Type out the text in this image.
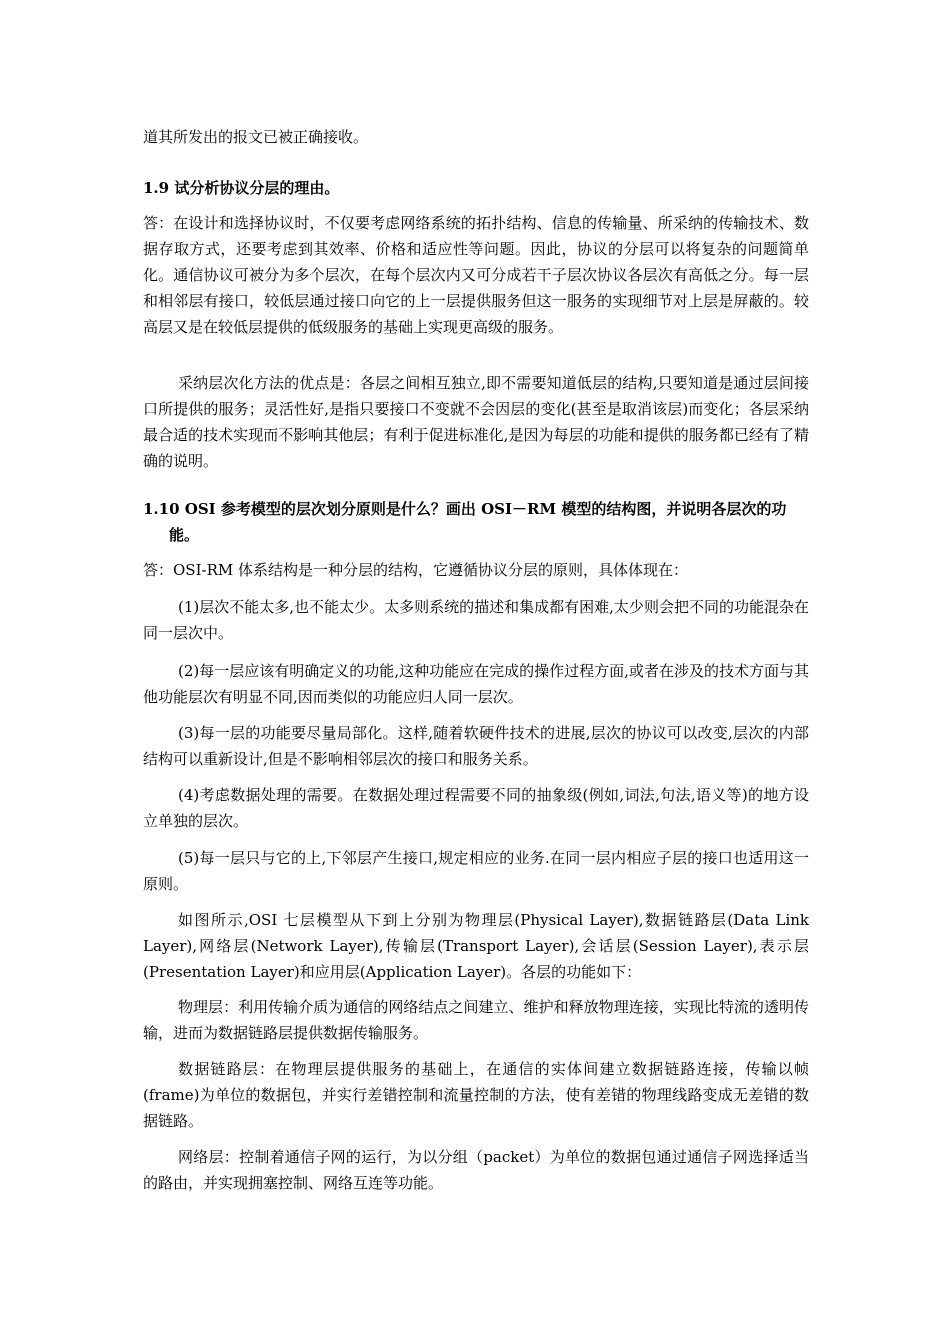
道其所发出的报文已被正确接收。

1.9 试分析协议分层的理由。

答：在设计和选择协议时，不仅要考虑网络系统的拓扑结构、信息的传输量、所采纳的传输技术、数据存取方式，还要考虑到其效率、价格和适应性等问题。因此，协议的分层可以将复杂的问题简单化。通信协议可被分为多个层次，在每个层次内又可分成若干子层次协议各层次有高低之分。每一层和相邻层有接口，较低层通过接口向它的上一层提供服务但这一服务的实现细节对上层是屏蔽的。较高层又是在较低层提供的低级服务的基础上实现更高级的服务。

采纳层次化方法的优点是：各层之间相互独立,即不需要知道低层的结构,只要知道是通过层间接口所提供的服务；灵活性好,是指只要接口不变就不会因层的变化(甚至是取消该层)而变化；各层采纳最合适的技术实现而不影响其他层；有利于促进标准化,是因为每层的功能和提供的服务都已经有了精确的说明。

1.10 OSI 参考模型的层次划分原则是什么？画出 OSI－RM 模型的结构图，并说明各层次的功能。

答：OSI-RM 体系结构是一种分层的结构，它遵循协议分层的原则，具体体现在：

(1)层次不能太多,也不能太少。太多则系统的描述和集成都有困难,太少则会把不同的功能混杂在同一层次中。

(2)每一层应该有明确定义的功能,这种功能应在完成的操作过程方面,或者在涉及的技术方面与其他功能层次有明显不同,因而类似的功能应归人同一层次。

(3)每一层的功能要尽量局部化。这样,随着软硬件技术的进展,层次的协议可以改变,层次的内部结构可以重新设计,但是不影响相邻层次的接口和服务关系。

(4)考虑数据处理的需要。在数据处理过程需要不同的抽象级(例如,词法,句法,语义等)的地方设立单独的层次。

(5)每一层只与它的上,下邻层产生接口,规定相应的业务.在同一层内相应子层的接口也适用这一原则。

如图所示,OSI 七层模型从下到上分别为物理层(Physical Layer),数据链路层(Data Link Layer),网络层(Network Layer),传输层(Transport Layer),会话层(Session Layer),表示层(Presentation Layer)和应用层(Application Layer)。各层的功能如下：

物理层：利用传输介质为通信的网络结点之间建立、维护和释放物理连接，实现比特流的透明传输，进而为数据链路层提供数据传输服务。

数据链路层：在物理层提供服务的基础上，在通信的实体间建立数据链路连接，传输以帧(frame)为单位的数据包，并实行差错控制和流量控制的方法，使有差错的物理线路变成无差错的数据链路。

网络层：控制着通信子网的运行，为以分组（packet）为单位的数据包通过通信子网选择适当的路由，并实现拥塞控制、网络互连等功能。
